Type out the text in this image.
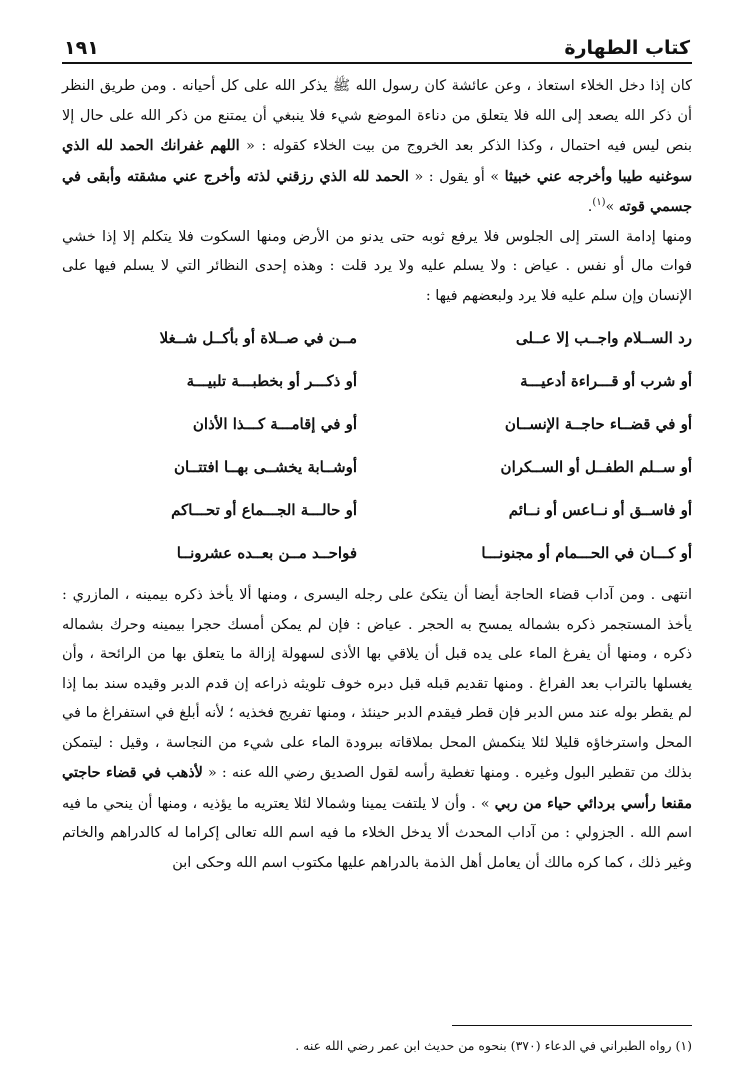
كتاب الطهارة
١٩١

كان إذا دخل الخلاء استعاذ ، وعن عائشة كان رسول الله ﷺ يذكر الله على كل أحيانه . ومن طريق النظر أن ذكر الله يصعد إلى الله فلا يتعلق من دناءة الموضع شيء فلا ينبغي أن يمتنع من ذكر الله على حال إلا بنص ليس فيه احتمال ، وكذا الذكر بعد الخروج من بيت الخلاء كقوله : « اللهم غفرانك الحمد لله الذي سوغنيه طيبا وأخرجه عني خبيثا » أو يقول : « الحمد لله الذي رزقني لذته وأخرج عني مشقته وأبقى في جسمي قوته »$^{(١)}$.

ومنها إدامة الستر إلى الجلوس فلا يرفع ثوبه حتى يدنو من الأرض ومنها السكوت فلا يتكلم إلا إذا خشي فوات مال أو نفس . عياض : ولا يسلم عليه ولا يرد قلت : وهذه إحدى النظائر التي لا يسلم فيها على الإنسان وإن سلم عليه فلا يرد ولبعضهم فيها :

رد الســلام واجــب إلا عــلى
مــن في صــلاة أو بأكــل شــغلا
أو شرب أو قـــراءة أدعيـــة
أو ذكـــر أو بخطبـــة تلبيـــة
أو في قضــاء حاجــة الإنســان
أو في إقامـــة كـــذا الأذان
أو ســلم الطفــل أو الســكران
أوشــابة يخشــى بهــا افتتــان
أو فاســق أو نــاعس أو نــائم
أو حالـــة الجـــماع أو تحـــاكم
أو كـــان في الحـــمام أو مجنونـــا
فواحــد مــن بعــده عشرونــا

انتهى . ومن آداب قضاء الحاجة أيضا أن يتكئ على رجله اليسرى ، ومنها ألا يأخذ ذكره بيمينه ، المازري : يأخذ المستجمر ذكره بشماله يمسح به الحجر . عياض : فإن لم يمكن أمسك حجرا بيمينه وحرك بشماله ذكره ، ومنها أن يفرغ الماء على يده قبل أن يلاقي بها الأذى لسهولة إزالة ما يتعلق بها من الرائحة ، وأن يغسلها بالتراب بعد الفراغ . ومنها تقديم قبله قبل دبره خوف تلويثه ذراعه إن قدم الدبر وقيده سند بما إذا لم يقطر بوله عند مس الدبر فإن قطر فيقدم الدبر حينئذ ، ومنها تفريج فخذيه ؛ لأنه أبلغ في استفراغ ما في المحل واسترخاؤه قليلا لئلا ينكمش المحل بملاقاته ببرودة الماء على شيء من النجاسة ، وقيل : ليتمكن بذلك من تقطير البول وغيره . ومنها تغطية رأسه لقول الصديق رضي الله عنه : « لأذهب في قضاء حاجتي مقنعا رأسي بردائي حياء من ربي » . وأن لا يلتفت يمينا وشمالا لئلا يعتريه ما يؤذيه ، ومنها أن ينحي ما فيه اسم الله . الجزولي : من آداب المحدث ألا يدخل الخلاء ما فيه اسم الله تعالى إكراما له كالدراهم والخاتم وغير ذلك ، كما كره مالك أن يعامل أهل الذمة بالدراهم عليها مكتوب اسم الله وحكى ابن

(١) رواه الطبراني في الدعاء (٣٧٠) بنحوه من حديث ابن عمر رضي الله عنه .
